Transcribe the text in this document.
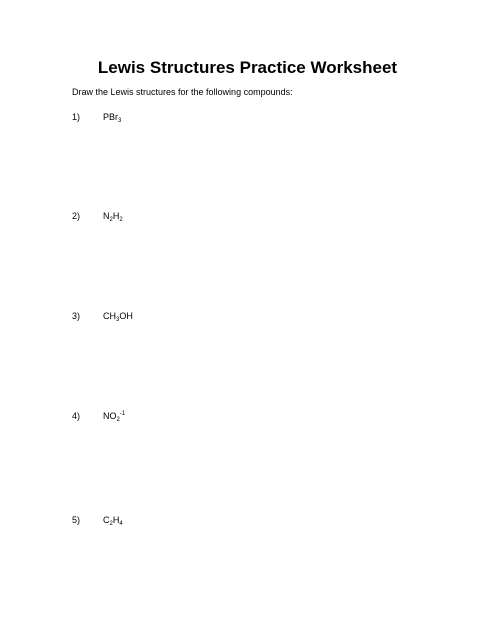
Lewis Structures Practice Worksheet
Draw the Lewis structures for the following compounds:
1)	PBr$_3$
2)	$N_2H_2$
3)	$CH_3OH$
4)	$NO_2^{-1}$
5)	$C_2H_4$
